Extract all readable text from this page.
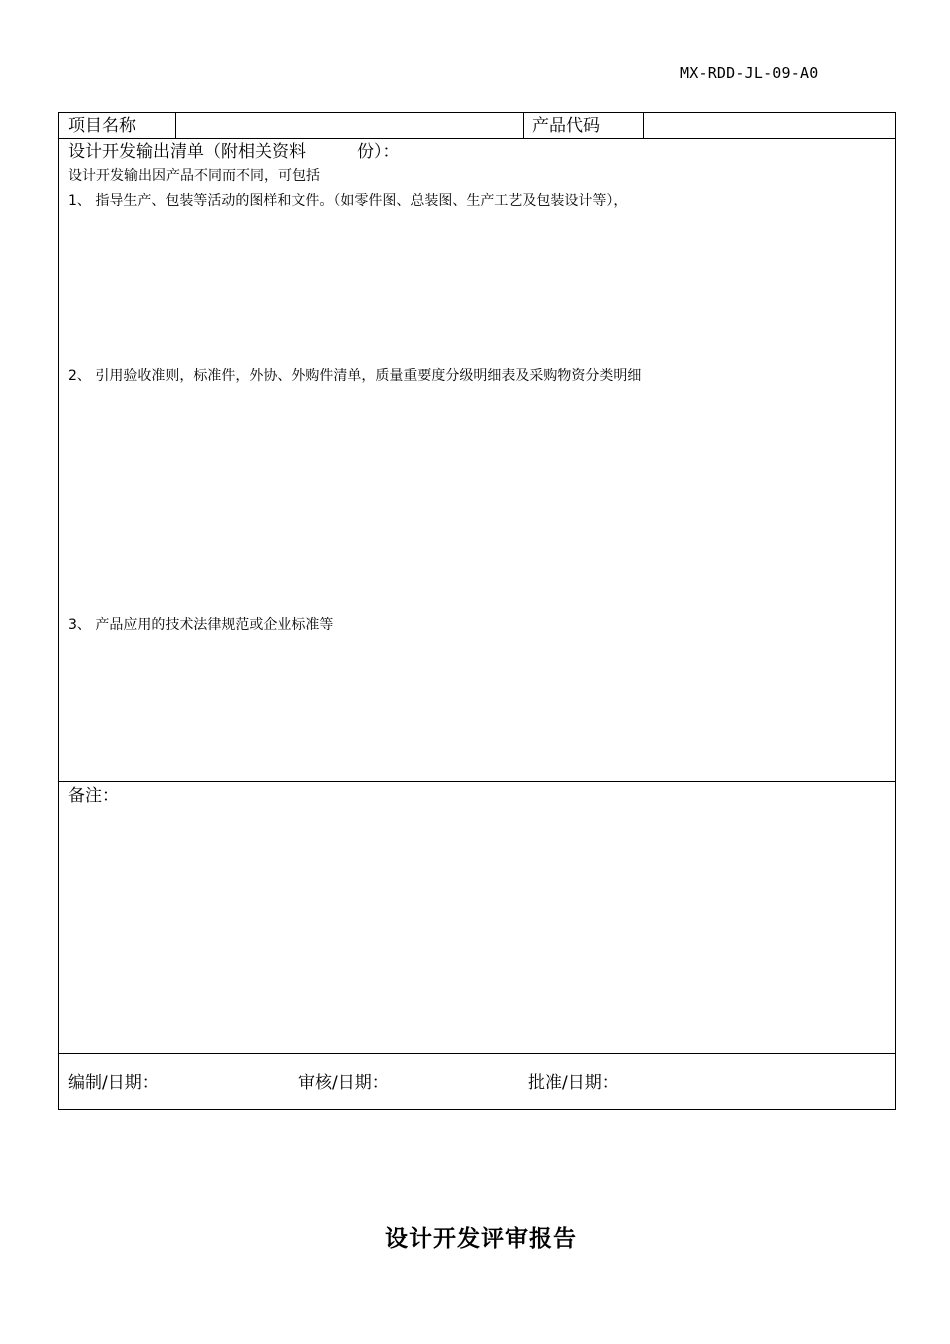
MX-RDD-JL-09-A0
项目名称	产品代码
设计开发输出清单（附相关资料　　　份）：
设计开发输出因产品不同而不同，可包括
1、 指导生产、包装等活动的图样和文件。（如零件图、总装图、生产工艺及包装设计等），
2、 引用验收准则，标准件，外协、外购件清单，质量重要度分级明细表及采购物资分类明细
3、 产品应用的技术法律规范或企业标准等
备注：
编制/日期：	审核/日期：	批准/日期：
设计开发评审报告
